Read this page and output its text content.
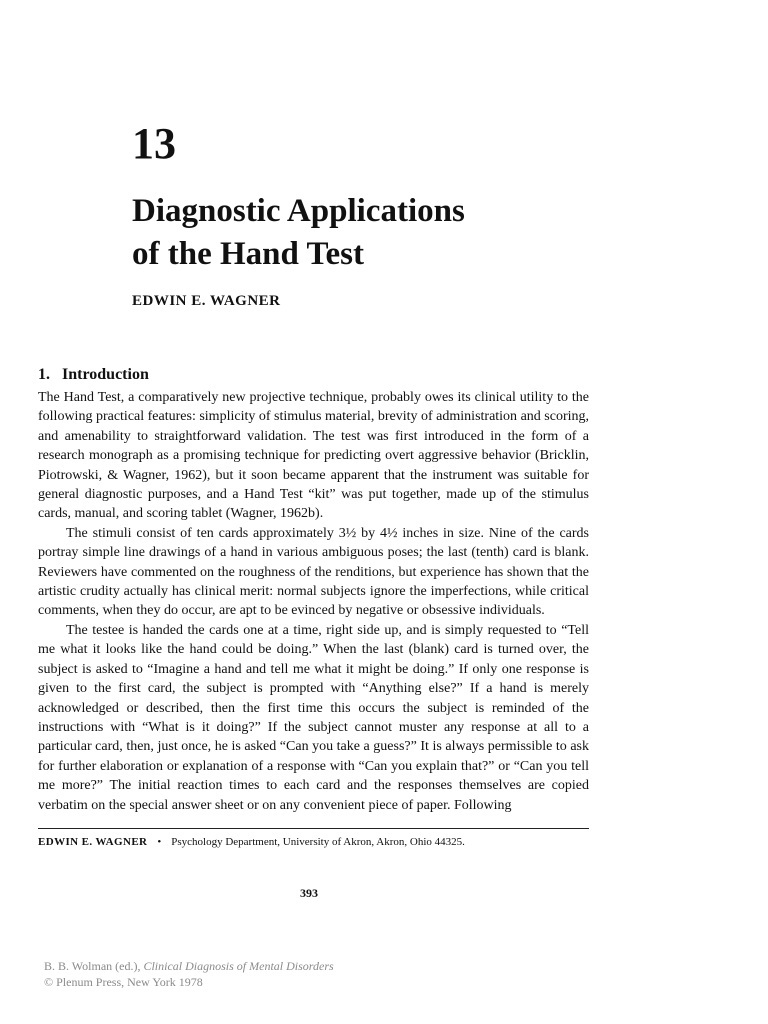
13
Diagnostic Applications
of the Hand Test
EDWIN E. WAGNER
1. Introduction

The Hand Test, a comparatively new projective technique, probably owes its clinical utility to the following practical features: simplicity of stimulus material, brevity of administration and scoring, and amenability to straightforward validation. The test was first introduced in the form of a research monograph as a promising technique for predicting overt aggressive behavior (Bricklin, Piotrowski, & Wagner, 1962), but it soon became apparent that the instrument was suitable for general diagnostic purposes, and a Hand Test “kit” was put together, made up of the stimulus cards, manual, and scoring tablet (Wagner, 1962b).

The stimuli consist of ten cards approximately 3½ by 4½ inches in size. Nine of the cards portray simple line drawings of a hand in various ambiguous poses; the last (tenth) card is blank. Reviewers have commented on the roughness of the renditions, but experience has shown that the artistic crudity actually has clinical merit: normal subjects ignore the imperfections, while critical comments, when they do occur, are apt to be evinced by negative or obsessive individuals.

The testee is handed the cards one at a time, right side up, and is simply requested to “Tell me what it looks like the hand could be doing.” When the last (blank) card is turned over, the subject is asked to “Imagine a hand and tell me what it might be doing.” If only one response is given to the first card, the subject is prompted with “Anything else?” If a hand is merely acknowledged or described, then the first time this occurs the subject is reminded of the instructions with “What is it doing?” If the subject cannot muster any response at all to a particular card, then, just once, he is asked “Can you take a guess?” It is always permissible to ask for further elaboration or explanation of a response with “Can you explain that?” or “Can you tell me more?” The initial reaction times to each card and the responses themselves are copied verbatim on the special answer sheet or on any convenient piece of paper. Following

EDWIN E. WAGNER • Psychology Department, University of Akron, Akron, Ohio 44325.
393
B. B. Wolman (ed.), Clinical Diagnosis of Mental Disorders
© Plenum Press, New York 1978
